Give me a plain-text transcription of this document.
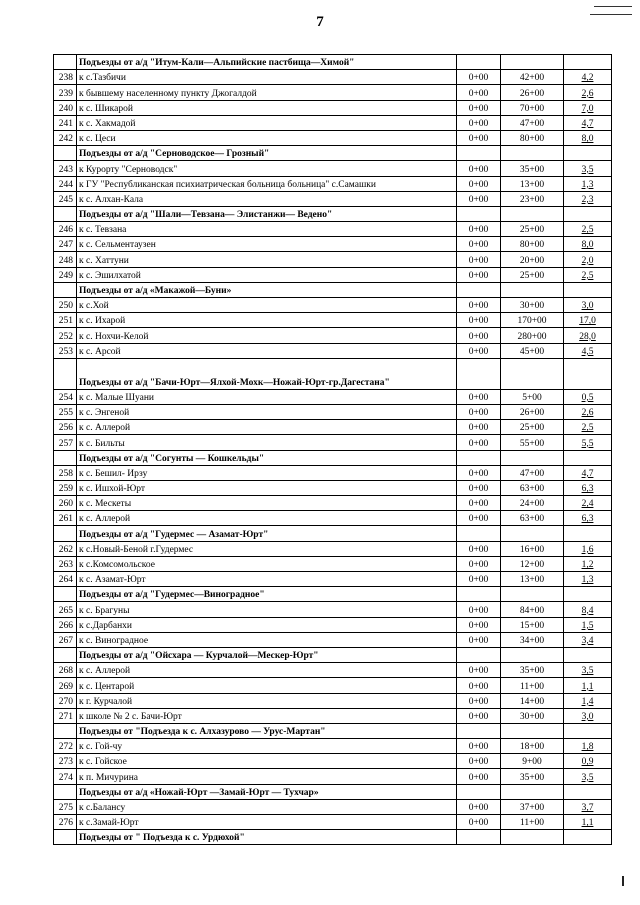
7
	Подъезды от а/д "Итум-Кали—Альпийские пастбища—Химой"			
238	к с.Тазбичи	0+00	42+00	4,2
239	к бывшему населенному пункту Джогалдой	0+00	26+00	2,6
240	к с. Шикарой	0+00	70+00	7,0
241	к с. Хакмадой	0+00	47+00	4,7
242	к с. Цеси	0+00	80+00	8,0
	Подъезды от а/д "Серноводское— Грозный"			
243	к Курорту "Серноводск"	0+00	35+00	3,5
244	к ГУ "Республиканская психиатрическая больница больница" с.Самашки	0+00	13+00	1,3
245	к с. Алхан-Кала	0+00	23+00	2,3
	Подъезды от а/д "Шали—Тевзана— Элистанжи— Ведено"			
246	к с. Тевзана	0+00	25+00	2,5
247	к с. Сельментаузен	0+00	80+00	8,0
248	к с. Хаттуни	0+00	20+00	2,0
249	к с. Эшилхатой	0+00	25+00	2,5
	Подъезды от а/д «Макажой—Буни»			
250	к с.Хой	0+00	30+00	3,0
251	к с. Ихарой	0+00	170+00	17,0
252	к с. Нохчи-Келой	0+00	280+00	28,0
253	к с. Арсой	0+00	45+00	4,5
	Подъезды от а/д "Бачи-Юрт—Ялхой-Мохк—Ножай-Юрт-гр.Дагестана"			
254	к с. Малые Шуани	0+00	5+00	0,5
255	к с. Энгеной	0+00	26+00	2,6
256	к с. Аллерой	0+00	25+00	2,5
257	к с. Бильты	0+00	55+00	5,5
	Подъезды от а/д "Согунты — Кошкельды"			
258	к с. Бешил- Ирзу	0+00	47+00	4,7
259	к с. Ишхой-Юрт	0+00	63+00	6,3
260	к с. Мескеты	0+00	24+00	2,4
261	к с. Аллерой	0+00	63+00	6,3
	Подъезды от а/д "Гудермес — Азамат-Юрт"			
262	к с.Новый-Беной г.Гудермес	0+00	16+00	1,6
263	к с.Комсомольское	0+00	12+00	1,2
264	к с. Азамат-Юрт	0+00	13+00	1,3
	Подъезды от а/д "Гудермес—Виноградное"			
265	к с. Брагуны	0+00	84+00	8,4
266	к с.Дарбанхи	0+00	15+00	1,5
267	к с. Виноградное	0+00	34+00	3,4
	Подъезды от а/д "Ойсхара — Курчалой—Мескер-Юрт"			
268	к с. Аллерой	0+00	35+00	3,5
269	к с. Центарой	0+00	11+00	1,1
270	к г. Курчалой	0+00	14+00	1,4
271	к школе № 2 с. Бачи-Юрт	0+00	30+00	3,0
	Подъезды от "Подъезда к с. Алхазурово — Урус-Мартан"			
272	к с. Гой-чу	0+00	18+00	1,8
273	к с. Гойское	0+00	9+00	0,9
274	к п. Мичурина	0+00	35+00	3,5
	Подъезды от а/д «Ножай-Юрт —Замай-Юрт — Тухчар»			
275	к с.Балансу	0+00	37+00	3,7
276	к с.Замай-Юрт	0+00	11+00	1,1
	Подъезды от " Подъезда к с. Урдюхой"			
